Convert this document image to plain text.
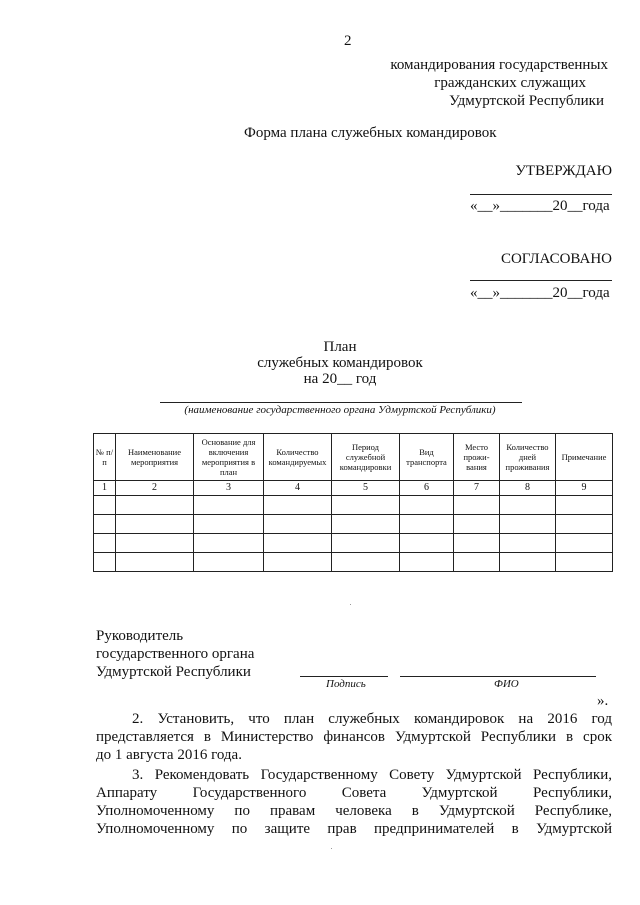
2
командирования государственных
гражданских служащих
Удмуртской Республики
Форма плана служебных командировок
УТВЕРЖДАЮ
«__»_______20__года
СОГЛАСОВАНО
«__»_______20__года
План
служебных командировок
на 20__ год
(наименование государственного органа Удмуртской Республики)
№ п/п	Наименование мероприятия	Основание для включения мероприятия в план	Количество командируемых	Период служебной командировки	Вид транспорта	Место прожи-вания	Количество дней проживания	Примечание
1	2	3	4	5	6	7	8	9

Руководитель
государственного органа
Удмуртской Республики
Подпись	ФИО
».
2. Установить, что план служебных командировок на 2016 год
представляется в Министерство финансов Удмуртской Республики в срок
до 1 августа 2016 года.
3. Рекомендовать Государственному Совету Удмуртской Республики,
Аппарату Государственного Совета Удмуртской Республики,
Уполномоченному по правам человека в Удмуртской Республике,
Уполномоченному по защите прав предпринимателей в Удмуртской
